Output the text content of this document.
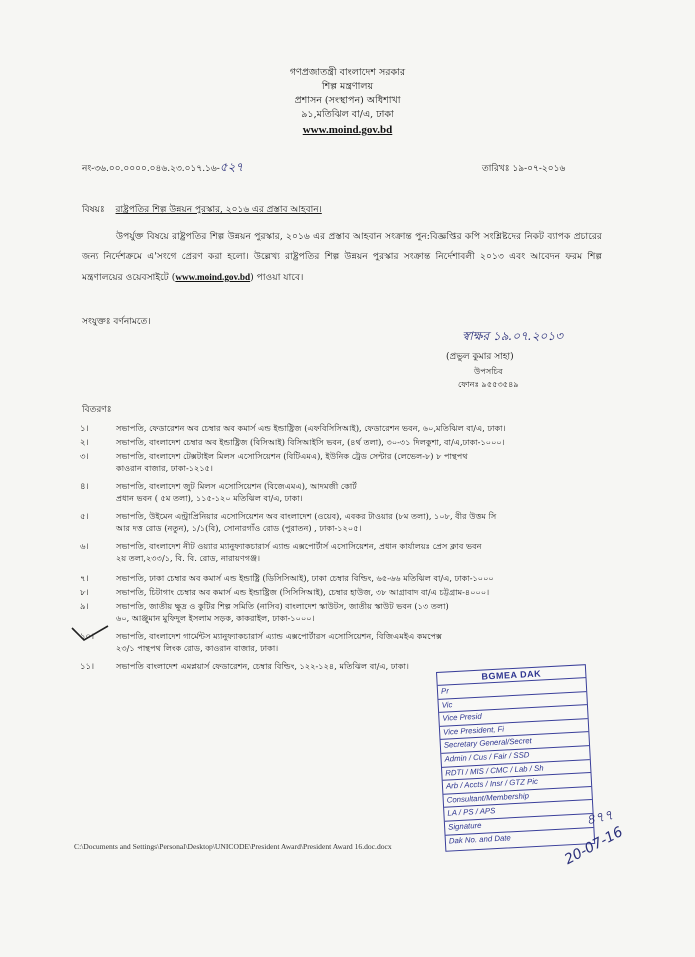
গণপ্রজাতন্ত্রী বাংলাদেশ সরকার
শিল্প মন্ত্রণালয়
প্রশাসন (সংস্থাপন) অধিশাখা
৯১,মতিঝিল বা/এ, ঢাকা
www.moind.gov.bd
নং-৩৬.০০.০০০০.০৪৬.২৩.০১৭.১৬-৫২৭	তারিখঃ ১৯-০৭-২০১৬
বিষয়ঃ রাষ্ট্রপতির শিল্প উন্নয়ন পুরস্কার, ২০১৬ এর প্রস্তাব আহবান।
উপর্যুক্ত বিষয়ে রাষ্ট্রপতির শিল্প উন্নয়ন পুরস্কার, ২০১৬ এর প্রস্তাব আহবান সংক্রান্ত পুন:বিজ্ঞপ্তির কপি সংশ্লিষ্টদের নিকট ব্যাপক প্রচারের জন্য নির্দেশক্রমে এ'সংগে প্রেরণ করা হলো। উল্লেখ্য রাষ্ট্রপতির শিল্প উন্নয়ন পুরস্কার সংক্রান্ত নির্দেশাবলী ২০১৩ এবং আবেদন ফরম শিল্প মন্ত্রণালয়ের ওয়েবসাইটে (www.moind.gov.bd) পাওয়া যাবে।
সংযুক্তঃ বর্ণনামতে।
স্বাক্ষর ১৯.০৭.২০১৩
(প্রভুল কুমার সাহা)
উপসচিব
ফোনঃ ৯৫৫৩৫৪৯
বিতরণঃ
১।	সভাপতি, ফেডারেশন অব চেম্বার অব কমার্স এন্ড ইন্ডাষ্ট্রিজ (এফবিসিসিআই), ফেডারেশন ভবন, ৬০,মতিঝিল বা/এ, ঢাকা।
২।	সভাপতি, বাংলাদেশ চেম্বার অব ইন্ডাষ্ট্রিজ (বিসিআই) বিসিআইসি ভবন, (৪র্থ তলা), ৩০-৩১ দিলকুশা, বা/এ,ঢাকা-১০০০।
৩।	সভাপতি, বাংলাদেশ টেক্সটাইল মিলস এসোসিয়েশন (বিটিএমএ), ইউনিক ট্রেড সেন্টার (লেভেল-৮) ৮ পান্থপথ
কাওরান বাজার, ঢাকা-১২১৫।
৪।	সভাপতি, বাংলাদেশ জুট মিলস এসোসিয়েশন (বিজেএমএ), আদমজী কোর্ট
প্রধান ভবন ( ৫ম তলা), ১১৫-১২০ মতিঝিল বা/এ, ঢাকা।
৫।	সভাপতি, উইমেন এন্ট্রাপ্রিনিয়ার এসোসিয়েশন অব বাংলাদেশ (ওয়েব), এবকর টাওয়ার (৮ম তলা), ১০৮, বীর উত্তম সি
আর দত্ত রোড (নতুন), ১/১(বি), সোনারগাঁও রোড (পুরাতন) , ঢাকা-১২০৫।
৬।	সভাপতি, বাংলাদেশ নীট ওয়্যার ম্যানুফ্যাকচারার্স এ্যান্ড এক্সপোর্টার্স এসোসিয়েশন, প্রধান কার্যালয়ঃ প্রেস ক্লাব ভবন
২য় তলা,২৩৩/১, বি. বি. রোড, নারায়ণগঞ্জ।
৭।	সভাপতি, ঢাকা চেম্বার অব কমার্স এন্ড ইন্ডাষ্ট্রি (ডিসিসিআই), ঢাকা চেম্বার বিল্ডিং, ৬৫-৬৬ মতিঝিল বা/এ, ঢাকা-১০০০
৮।	সভাপতি, চিটাগাং চেম্বার অব কমার্স এন্ড ইন্ডাষ্ট্রিজ (সিসিসিআই), চেম্বার হাউজ, ৩৮ আগ্রাবাদ বা/এ চট্টগ্রাম-৪০০০।
৯।	সভাপতি, জাতীয় ক্ষুদ্র ও কুটির শিল্প সমিতি (নাসিব) বাংলাদেশ স্কাউটস, জাতীয় স্কাউট ভবন (১৩ তলা)
৬০, আঞ্জুমান মুফিদুল ইসলাম সড়ক, কাকরাইল, ঢাকা-১০০০।
১০।	সভাপতি, বাংলাদেশ গার্মেন্টস ম্যানুফ্যাকচারার্স এ্যান্ড এক্সপোর্টারস এসোসিয়েশন, বিজিএমইএ কমপেক্স
২৩/১ পান্থপথ লিংক রোড, কাওরান বাজার, ঢাকা।
১১।	সভাপতি বাংলাদেশ এমপ্লয়ার্স ফেডারেশন, চেম্বার বিল্ডিং, ১২২-১২৪, মতিঝিল বা/এ, ঢাকা।
BGMEA DAK
Pr
Vic
Vice Presid
Vice President, Fi
Secretary General/Secret
Admin / Cus / Fair / SSD
RDTI / MIS / CMC / Lab / Sh
Arb / Accts / Insr / GTZ Pic
Consultant/Membership
LA / PS / APS
Signature
Dak No. and Date
৪৭৭
20-07-16
C:\Documents and Settings\Personal\Desktop\UNICODE\President Award\President Award 16.doc.docx
